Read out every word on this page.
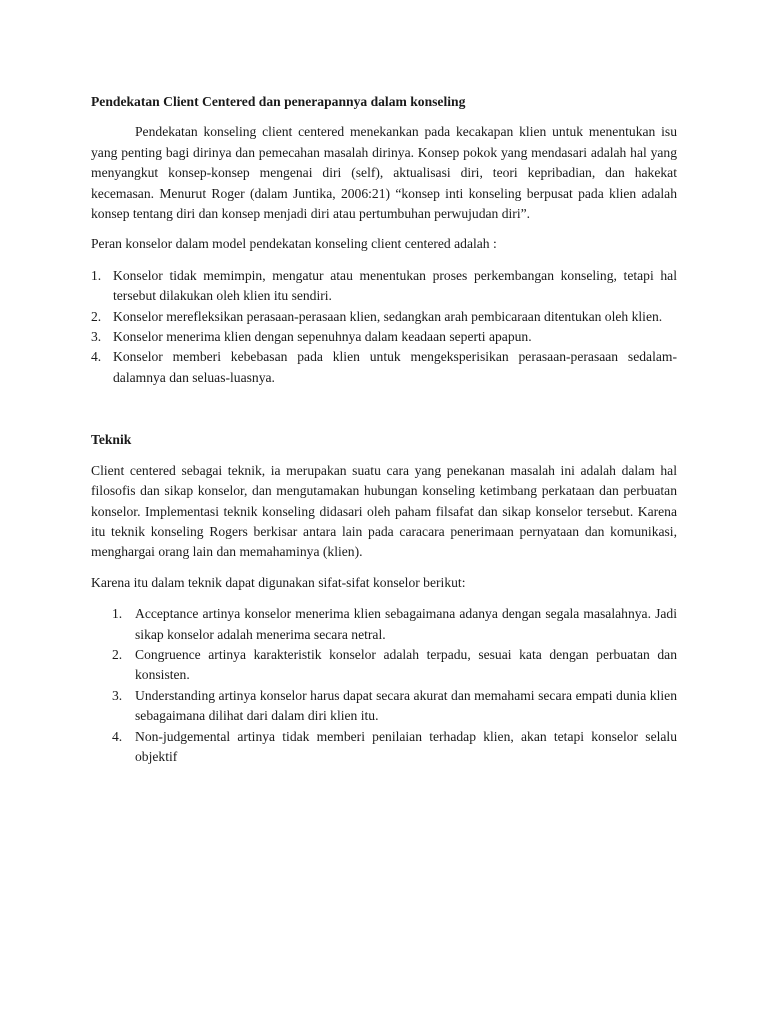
Pendekatan Client Centered dan penerapannya dalam konseling

Pendekatan konseling client centered menekankan pada kecakapan klien untuk menentukan isu yang penting bagi dirinya dan pemecahan masalah dirinya. Konsep pokok yang mendasari adalah hal yang menyangkut konsep-konsep mengenai diri (self), aktualisasi diri, teori kepribadian, dan hakekat kecemasan. Menurut Roger (dalam Juntika, 2006:21) “konsep inti konseling berpusat pada klien adalah konsep tentang diri dan konsep menjadi diri atau pertumbuhan perwujudan diri”.

Peran konselor dalam model pendekatan konseling client centered adalah :

1. Konselor tidak memimpin, mengatur atau menentukan proses perkembangan konseling, tetapi hal tersebut dilakukan oleh klien itu sendiri.
2. Konselor merefleksikan perasaan-perasaan klien, sedangkan arah pembicaraan ditentukan oleh klien.
3. Konselor menerima klien dengan sepenuhnya dalam keadaan seperti apapun.
4. Konselor memberi kebebasan pada klien untuk mengeksperisikan perasaan-perasaan sedalam-dalamnya dan seluas-luasnya.
Teknik

Client centered sebagai teknik, ia merupakan suatu cara yang penekanan masalah ini adalah dalam hal filosofis dan sikap konselor, dan mengutamakan hubungan konseling ketimbang perkataan dan perbuatan konselor. Implementasi teknik konseling didasari oleh paham filsafat dan sikap konselor tersebut. Karena itu teknik konseling Rogers berkisar antara lain pada caracara penerimaan pernyataan dan komunikasi, menghargai orang lain dan memahaminya (klien).

Karena itu dalam teknik dapat digunakan sifat-sifat konselor berikut:

1. Acceptance artinya konselor menerima klien sebagaimana adanya dengan segala masalahnya. Jadi sikap konselor adalah menerima secara netral.
2. Congruence artinya karakteristik konselor adalah terpadu, sesuai kata dengan perbuatan dan konsisten.
3. Understanding artinya konselor harus dapat secara akurat dan memahami secara empati dunia klien sebagaimana dilihat dari dalam diri klien itu.
4. Non-judgemental artinya tidak memberi penilaian terhadap klien, akan tetapi konselor selalu objektif
